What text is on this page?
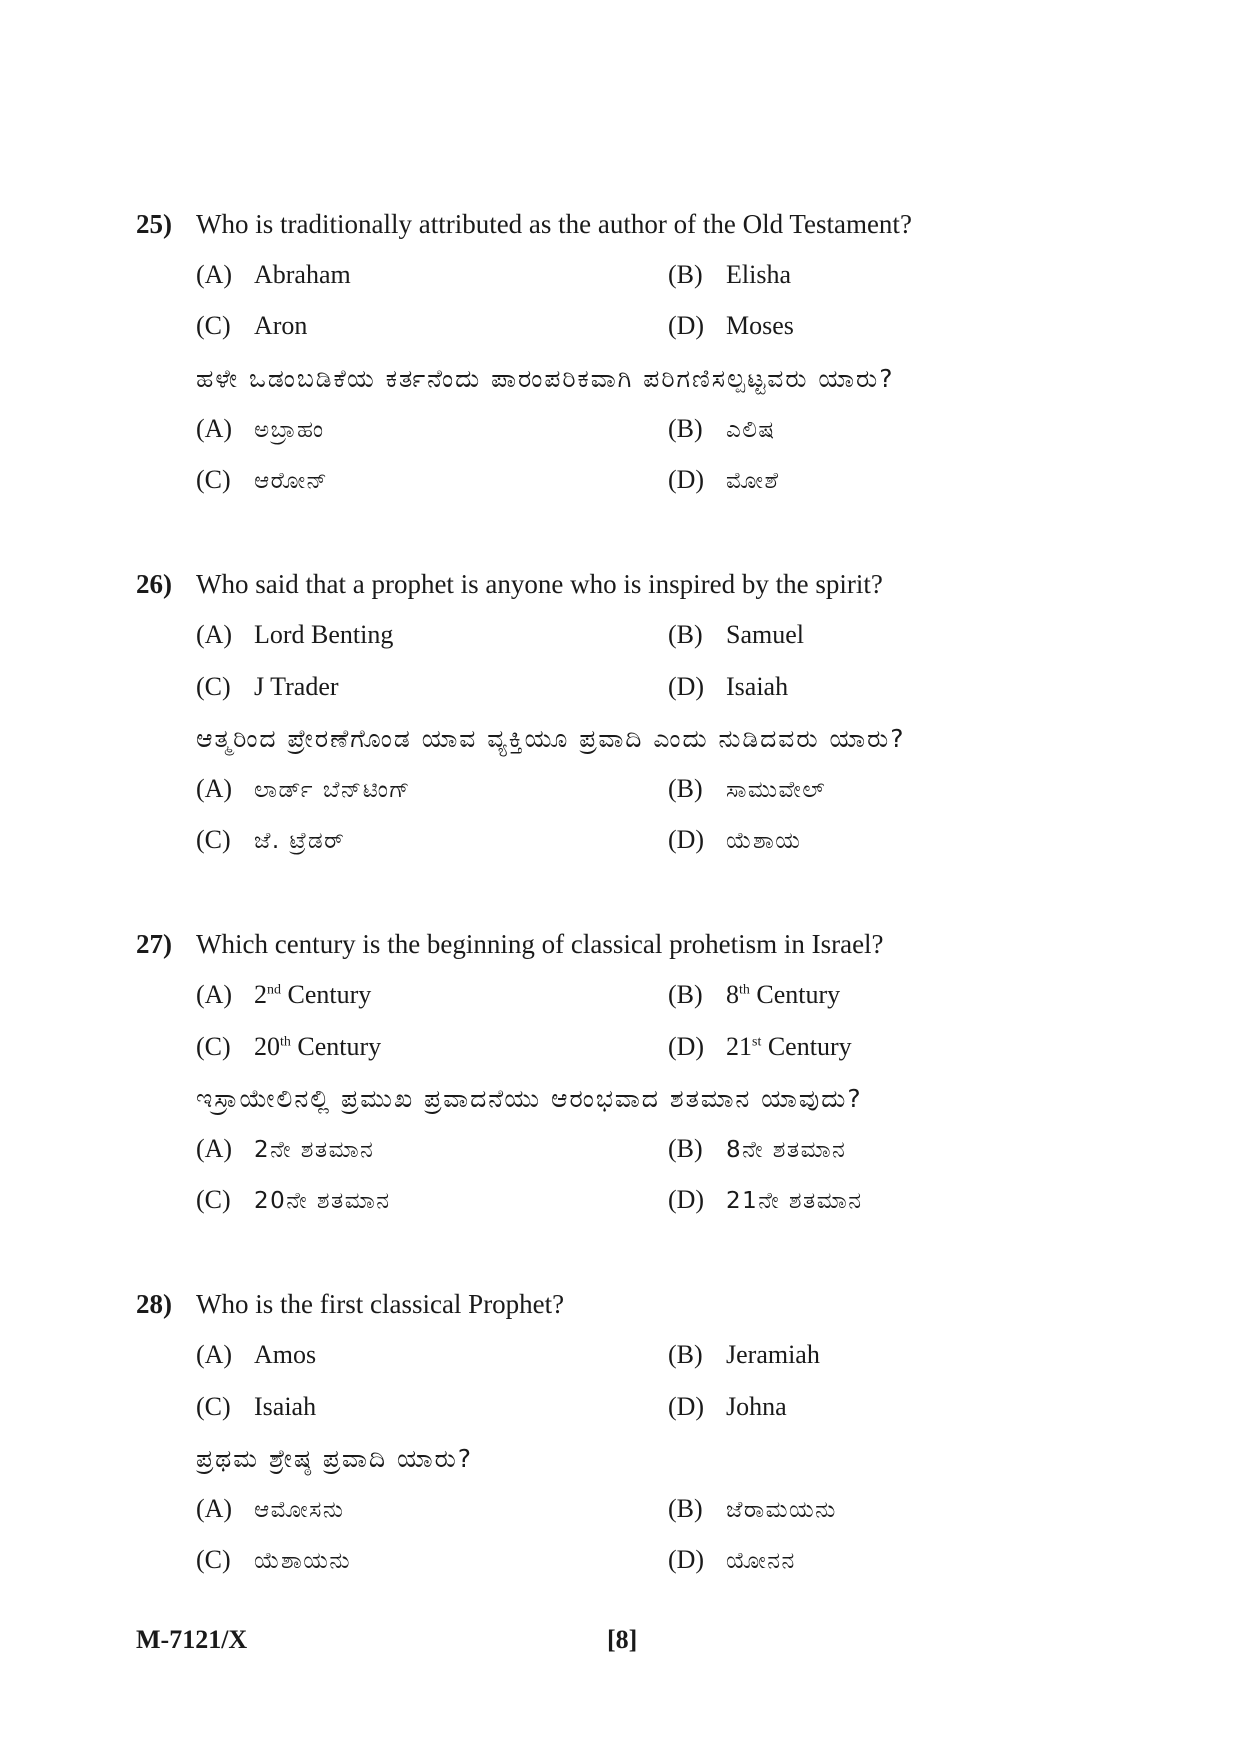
25) Who is traditionally attributed as the author of the Old Testament?
(A) Abraham	(B) Elisha
(C) Aron	(D) Moses
ಹಳೇ ಒಡಂಬಡಿಕೆಯ ಕರ್ತನೆಂದು ಪಾರಂಪರಿಕವಾಗಿ ಪರಿಗಣಿಸಲ್ಪಟ್ಟವರು ಯಾರು?
(A) ಅಬ್ರಾಹಂ	(B) ಎಲಿಷ
(C) ಆರೋನ್	(D) ಮೋಶೆ
26) Who said that a prophet is anyone who is inspired by the spirit?
(A) Lord Benting	(B) Samuel
(C) J Trader	(D) Isaiah
ಆತ್ಮರಿಂದ ಪ್ರೇರಣೆಗೊಂಡ ಯಾವ ವ್ಯಕ್ತಿಯೂ ಪ್ರವಾದಿ ಎಂದು ನುಡಿದವರು ಯಾರು?
(A) ಲಾರ್ಡ್ ಬೆನ್‌ಟಿಂಗ್	(B) ಸಾಮುವೇಲ್
(C) ಜೆ. ಟ್ರೆಡರ್	(D) ಯೆಶಾಯ
27) Which century is the beginning of classical prohetism in Israel?
(A) 2nd Century	(B) 8th Century
(C) 20th Century	(D) 21st Century
ಇಸ್ರಾಯೇಲಿನಲ್ಲಿ ಪ್ರಮುಖ ಪ್ರವಾದನೆಯು ಆರಂಭವಾದ ಶತಮಾನ ಯಾವುದು?
(A) 2ನೇ ಶತಮಾನ	(B) 8ನೇ ಶತಮಾನ
(C) 20ನೇ ಶತಮಾನ	(D) 21ನೇ ಶತಮಾನ
28) Who is the first classical Prophet?
(A) Amos	(B) Jeramiah
(C) Isaiah	(D) Johna
ಪ್ರಥಮ ಶ್ರೇಷ್ಠ ಪ್ರವಾದಿ ಯಾರು?
(A) ಆಮೋಸನು	(B) ಜೆರಾಮಯನು
(C) ಯೆಶಾಯನು	(D) ಯೋನನ
M-7121/X	[8]
